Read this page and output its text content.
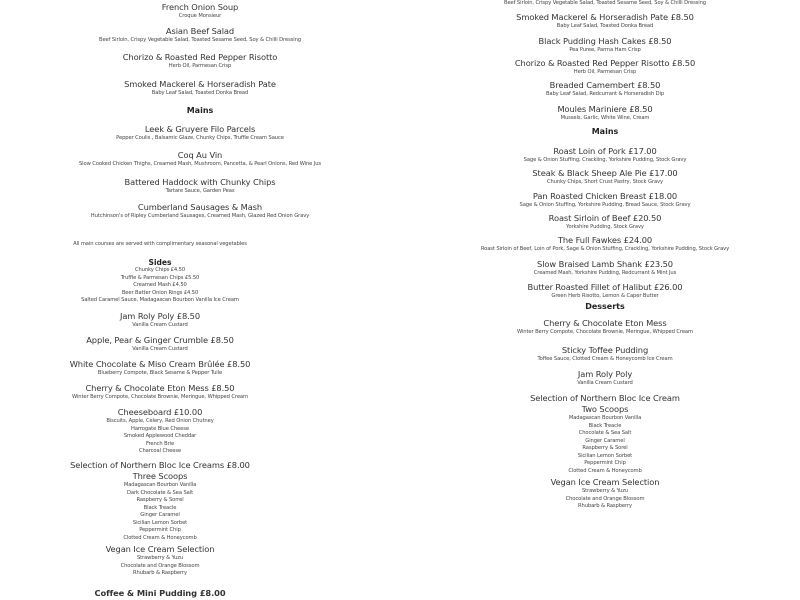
French Onion Soup
Croque Monsieur
Asian Beef Salad
Beef Sirloin, Crispy Vegetable Salad, Toasted Sesame Seed, Soy & Chilli Dressing
Chorizo & Roasted Red Pepper Risotto
Herb Oil, Parmesan Crisp
Smoked Mackerel & Horseradish Pate
Baby Leaf Salad, Toasted Donka Bread
Mains
Leek & Gruyere Filo Parcels
Pepper Coulis , Balsamic Glaze, Chunky Chips, Truffle Cream Sauce
Coq Au Vin
Slow Cooked Chicken Thighs, Creamed Mash, Mushroom, Pancetta, & Pearl Onions, Red Wine Jus
Battered Haddock with Chunky Chips
Tartare Sauce, Garden Peas
Cumberland Sausages & Mash
Hutchinson's of Ripley Cumberland Sausages, Creamed Mash, Glazed Red Onion Gravy
All main courses are served with complimentary seasonal vegetables
Sides
Chunky Chips £4.50
Truffle & Parmesan Chips £5.50
Creamed Mash £4.50
Beer Batter Onion Rings £4.50
Salted Caramel Sauce, Madagascan Bourbon Vanilla Ice Cream
Jam Roly Poly £8.50
Vanilla Cream Custard
Apple, Pear & Ginger Crumble £8.50
Vanilla Cream Custard
White Chocolate & Miso Cream Brûlée £8.50
Blueberry Compote, Black Sesame & Pepper Tuile
Cherry & Chocolate Eton Mess £8.50
Winter Berry Compote, Chocolate Brownie, Meringue, Whipped Cream
Cheeseboard £10.00
Biscuits, Apple, Celery, Red Onion Chutney
Harrogate Blue Cheese
Smoked Applewood Cheddar
French Brie
Charcoal Cheese
Selection of Northern Bloc Ice Creams £8.00
Three Scoops
Madagascan Bourbon Vanilla
Dark Chocolate & Sea Salt
Raspberry & Sorrel
Black Treacle
Ginger Caramel
Sicilian Lemon Sorbet
Peppermint Chip
Clotted Cream & Honeycomb
Vegan Ice Cream Selection
Strawberry & Yuzu
Chocolate and Orange Blossom
Rhubarb & Raspberry
Coffee & Mini Pudding £8.00
Beef Sirloin, Crispy Vegetable Salad, Toasted Sesame Seed, Soy & Chilli Dressing
Smoked Mackerel & Horseradish Pate £8.50
Baby Leaf Salad, Toasted Donka Bread
Black Pudding Hash Cakes £8.50
Pea Puree, Parma Ham Crisp
Chorizo & Roasted Red Pepper Risotto £8.50
Herb Oil, Parmesan Crisp
Breaded Camembert £8.50
Baby Leaf Salad, Redcurrant & Horseradish Dip
Moules Mariniere £8.50
Mussels, Garlic, White Wine, Cream
Mains
Roast Loin of Pork £17.00
Sage & Onion Stuffing, Crackling, Yorkshire Pudding, Stock Gravy
Steak & Black Sheep Ale Pie £17.00
Chunky Chips, Short Crust Pastry, Stock Gravy
Pan Roasted Chicken Breast £18.00
Sage & Onion Stuffing, Yorkshire Pudding, Bread Sauce, Stock Gravy
Roast Sirloin of Beef £20.50
Yorkshire Pudding, Stock Gravy
The Full Fawkes £24.00
Roast Sirloin of Beef, Loin of Pork, Sage & Onion Stuffing, Crackling, Yorkshire Pudding, Stock Gravy
Slow Braised Lamb Shank £23.50
Creamed Mash, Yorkshire Pudding, Redcurrant & Mint Jus
Butter Roasted Fillet of Halibut £26.00
Green Herb Risotto, Lemon & Caper Butter
Desserts
Cherry & Chocolate Eton Mess
Winter Berry Compote, Chocolate Brownie, Meringue, Whipped Cream
Sticky Toffee Pudding
Toffee Sauce, Clotted Cream & Honeycomb Ice Cream
Jam Roly Poly
Vanilla Cream Custard
Selection of Northern Bloc Ice Cream
Two Scoops
Madagascan Bourbon Vanilla
Black Treacle
Chocolate & Sea Salt
Ginger Caramel
Raspberry & Sorel
Sicilian Lemon Sorbet
Peppermint Chip
Clotted Cream & Honeycomb
Vegan Ice Cream Selection
Strawberry & Yuzu
Chocolate and Orange Blossom
Rhubarb & Raspberry
